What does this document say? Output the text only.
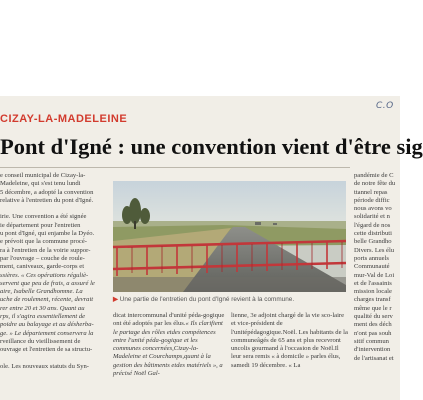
C.O
CIZAY-LA-MADELEINE
Pont d'Igné : une convention vient d'être sig
e conseil municipal de Cizay-la-
Madeleine, qui s'est tenu lundi
5 décembre, a adopté la convention
relative à l'entretien du pont d'Igné.

irie. Une convention a été signée
ie département pour l'entretien
u pont d'Igné, qui enjambe la Dyéo.
e prévoit que la commune procé-
ra à l'entretien de la voirie suppor-
par l'ouvrage – couche de roule-
ment, caniveaux, garde-corps et
ssières. « Ces opérations réguliè-
servent que peu de frais, a assuré le
aire, Isabelle Grandhomme. La
uche de roulement, récente, devrait
rer entre 20 et 30 ans. Quant au
rps, il s'agira essentiellement de
poidre au balayage et au désherba-
ge. » Le département conservera la
rveillance du vieillissement de
ouvrage et l'entretien de sa structu-

ole. Les nouveaux statuts du Syn-
▶ Une partie de l'entretien du pont d'Igné revient à la commune.
dicat intercommunal d'unité péda-gogique ont été adoptés par les élus.« Ils clarifient le partage des rôles etdes compétences entre l'unité péda-gogique et les communes concernées,Cizay-la-Madeleine et Courchamps,quant à la gestion des bâtiments etdes matériels », a précisé Noël Gal-
lienne, 3e adjoint chargé de la vie sco-laire et vice-président de l'unitépédagogique.Noël. Les habitants de la communeâgés de 65 ans et plus recevront uncolis gourmand à l'occasion de Noël.Il leur sera remis « à domicile » parles élus, samedi 19 décembre. « La
pandémie de C
de notre fête du
ttannel repas
période diffic
nous avons vo
solidarité et n
l'égard de nos
cette distributi
belle Grandho
Divers. Les élu
ports annuels
Communauté
mur-Val de Loi
et de l'assainis
mission locale
charges transf
même que le r
qualité du serv
ment des déch
n'ont pas souh
sitif commun
d'intervention
de l'artisanat et
